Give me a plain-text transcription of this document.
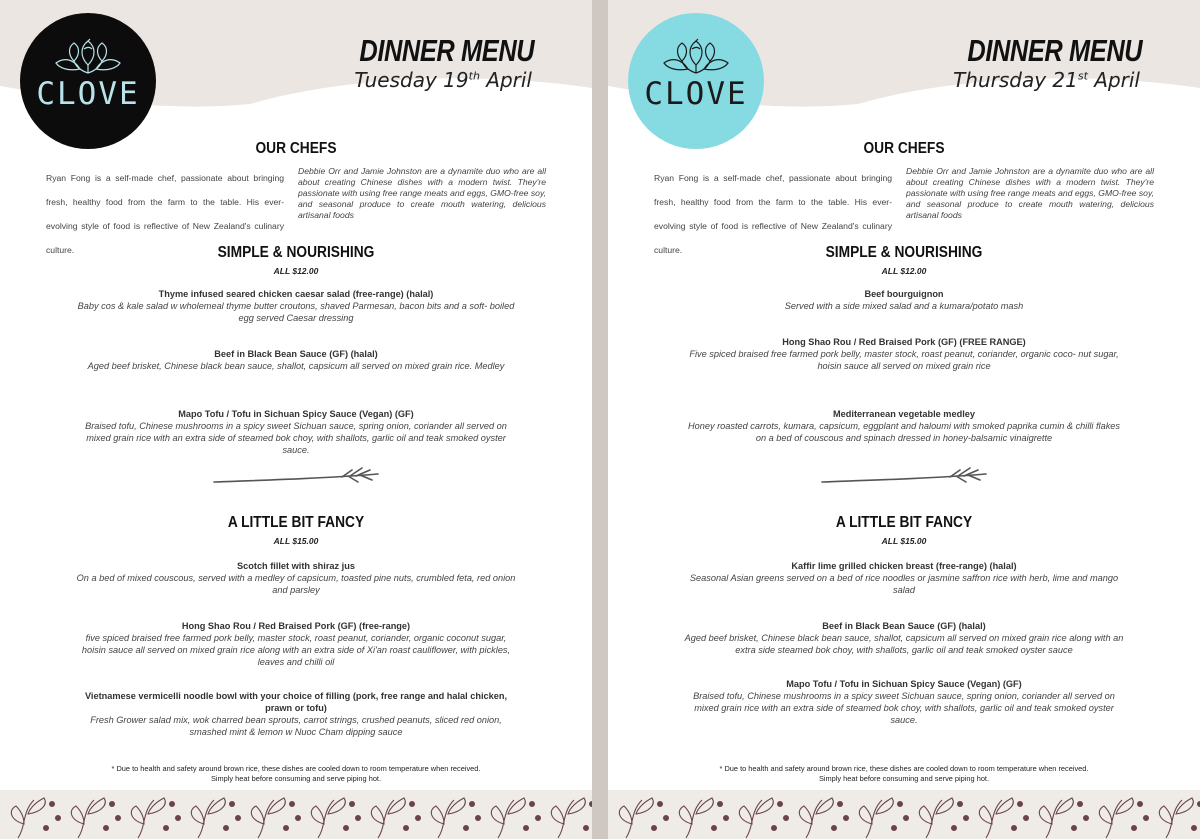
CLOVE
DINNER MENU
Tuesday 19th April
OUR CHEFS
Ryan Fong is a self-made chef, passionate about bringing fresh, healthy food from the farm to the table. His ever-evolving style of food is reflective of New Zealand's culinary culture.
Debbie Orr and Jamie Johnston are a dynamite duo who are all about creating Chinese dishes with a modern twist. They're passionate with using free range meats and eggs, GMO-free soy, and seasonal produce to create mouth watering, delicious artisanal foods
SIMPLE & NOURISHING
ALL $12.00
Thyme infused seared chicken caesar salad (free-range) (halal)
Baby cos & kale salad w wholemeal thyme butter croutons, shaved Parmesan, bacon bits and a soft- boiled egg served Caesar dressing
Beef in Black Bean Sauce (GF) (halal)
Aged beef brisket, Chinese black bean sauce, shallot, capsicum all served on mixed grain rice. Medley
Mapo Tofu / Tofu in Sichuan Spicy Sauce (Vegan) (GF)
Braised tofu, Chinese mushrooms in a spicy sweet Sichuan sauce, spring onion, coriander all served on mixed grain rice with an extra side of steamed bok choy, with shallots, garlic oil and teak smoked oyster sauce.
A LITTLE BIT FANCY
ALL $15.00
Scotch fillet with shiraz jus
On a bed of mixed couscous, served with a medley of capsicum, toasted pine nuts, crumbled feta, red onion and parsley
Hong Shao Rou / Red Braised Pork (GF) (free-range)
five spiced braised free farmed pork belly, master stock, roast peanut, coriander, organic coconut sugar, hoisin sauce all served on mixed grain rice along with an extra side of Xi'an roast cauliflower, with pickles, leaves and chilli oil
Vietnamese vermicelli noodle bowl with your choice of filling (pork, free range and halal chicken, prawn or tofu)
Fresh Grower salad mix, wok charred bean sprouts, carrot strings, crushed peanuts, sliced red onion, smashed mint & lemon w Nuoc Cham dipping sauce
* Due to health and safety around brown rice, these dishes are cooled down to room temperature when received.
Simply heat before consuming and serve piping hot.
CLOVE
DINNER MENU
Thursday 21st April
OUR CHEFS
Ryan Fong is a self-made chef, passionate about bringing fresh, healthy food from the farm to the table. His ever-evolving style of food is reflective of New Zealand's culinary culture.
Debbie Orr and Jamie Johnston are a dynamite duo who are all about creating Chinese dishes with a modern twist. They're passionate with using free range meats and eggs, GMO-free soy, and seasonal produce to create mouth watering, delicious artisanal foods
SIMPLE & NOURISHING
ALL $12.00
Beef bourguignon
Served with a side mixed salad and a kumara/potato mash
Hong Shao Rou / Red Braised Pork (GF) (FREE RANGE)
Five spiced braised free farmed pork belly, master stock, roast peanut, coriander, organic coco- nut sugar, hoisin sauce all served on mixed grain rice
Mediterranean vegetable medley
Honey roasted carrots, kumara, capsicum, eggplant and haloumi with smoked paprika cumin & chilli flakes on a bed of couscous and spinach dressed in honey-balsamic vinaigrette
A LITTLE BIT FANCY
ALL $15.00
Kaffir lime grilled chicken breast (free-range) (halal)
Seasonal Asian greens served on a bed of rice noodles or jasmine saffron rice with herb, lime and mango salad
Beef in Black Bean Sauce (GF) (halal)
Aged beef brisket, Chinese black bean sauce, shallot, capsicum all served on mixed grain rice along with an extra side steamed bok choy, with shallots, garlic oil and teak smoked oyster sauce
Mapo Tofu / Tofu in Sichuan Spicy Sauce (Vegan) (GF)
Braised tofu, Chinese mushrooms in a spicy sweet Sichuan sauce, spring onion, coriander all served on mixed grain rice with an extra side of steamed bok choy, with shallots, garlic oil and teak smoked oyster sauce.
* Due to health and safety around brown rice, these dishes are cooled down to room temperature when received.
Simply heat before consuming and serve piping hot.
